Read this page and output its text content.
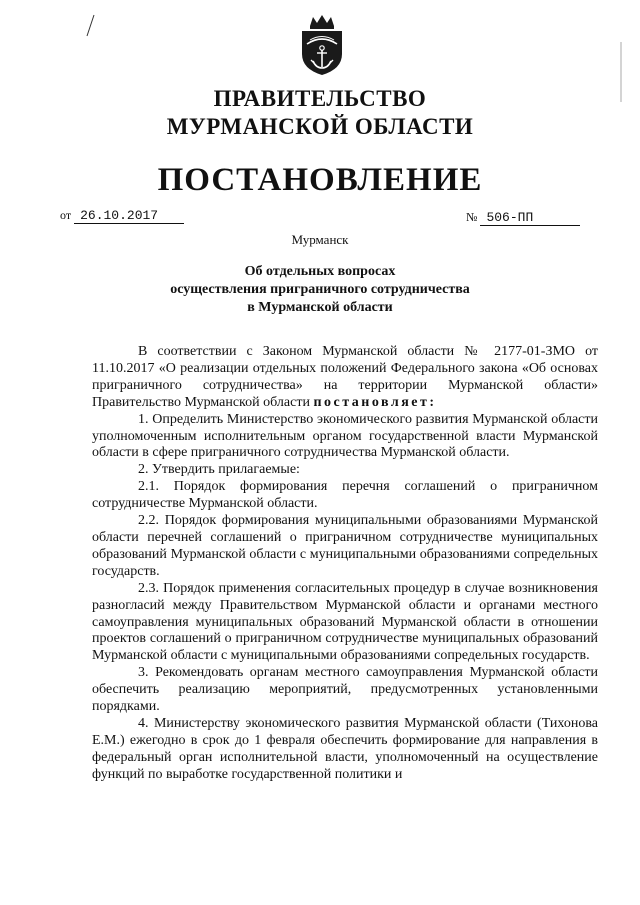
ПРАВИТЕЛЬСТВО
МУРМАНСКОЙ ОБЛАСТИ
ПОСТАНОВЛЕНИЕ
от 26.10.2017	№ 506-ПП
Мурманск
Об отдельных вопросах
осуществления приграничного сотрудничества
в Мурманской области

В соответствии с Законом Мурманской области № 2177-01-ЗМО от 11.10.2017 «О реализации отдельных положений Федерального закона «Об основах приграничного сотрудничества» на территории Мурманской области» Правительство Мурманской области постановляет:

1. Определить Министерство экономического развития Мурманской области уполномоченным исполнительным органом государственной власти Мурманской области в сфере приграничного сотрудничества Мурманской области.

2. Утвердить прилагаемые:

2.1. Порядок формирования перечня соглашений о приграничном сотрудничестве Мурманской области.

2.2. Порядок формирования муниципальными образованиями Мурманской области перечней соглашений о приграничном сотрудничестве муниципальных образований Мурманской области с муниципальными образованиями сопредельных государств.

2.3. Порядок применения согласительных процедур в случае возникновения разногласий между Правительством Мурманской области и органами местного самоуправления муниципальных образований Мурманской области в отношении проектов соглашений о приграничном сотрудничестве муниципальных образований Мурманской области с муниципальными образованиями сопредельных государств.

3. Рекомендовать органам местного самоуправления Мурманской области обеспечить реализацию мероприятий, предусмотренных установленными порядками.

4. Министерству экономического развития Мурманской области (Тихонова Е.М.) ежегодно в срок до 1 февраля обеспечить формирование для направления в федеральный орган исполнительной власти, уполномоченный на осуществление функций по выработке государственной политики и
